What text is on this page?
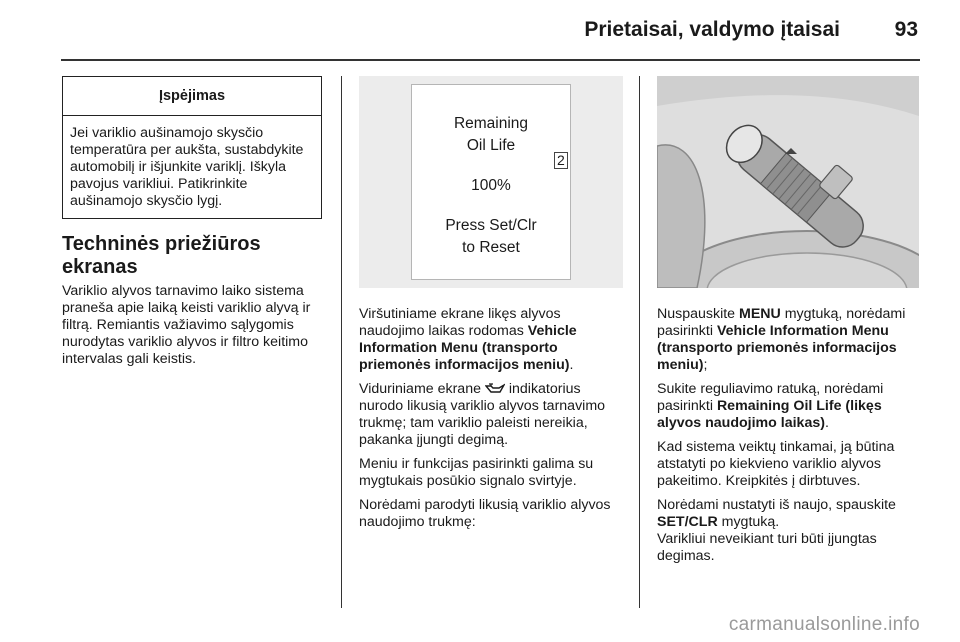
Prietaisai, valdymo įtaisai	93
Įspėjimas
Jei variklio aušinamojo skysčio temperatūra per aukšta, sustabdykite automobilį ir išjunkite variklį. Iškyla pavojus varikliui. Patikrinkite aušinamojo skysčio lygį.
Techninės priežiūros ekranas

Variklio alyvos tarnavimo laiko sistema praneša apie laiką keisti variklio alyvą ir filtrą. Remiantis važiavimo sąlygomis nurodytas variklio alyvos ir filtro keitimo intervalas gali keistis.

Remaining
Oil Life
100%
Press Set/Clr
to Reset
2

Viršutiniame ekrane likęs alyvos naudojimo laikas rodomas Vehicle Information Menu (transporto priemonės informacijos meniu).

Viduriniame ekrane  indikatorius nurodo likusią variklio alyvos tarnavimo trukmę; tam variklio paleisti nereikia, pakanka įjungti degimą.

Meniu ir funkcijas pasirinkti galima su mygtukais posūkio signalo svirtyje.

Norėdami parodyti likusią variklio alyvos naudojimo trukmę:

Nuspauskite MENU mygtuką, norėdami pasirinkti Vehicle Information Menu (transporto priemonės informacijos meniu);

Sukite reguliavimo ratuką, norėdami pasirinkti Remaining Oil Life (likęs alyvos naudojimo laikas).

Kad sistema veiktų tinkamai, ją būtina atstatyti po kiekvieno variklio alyvos pakeitimo. Kreipkitės į dirbtuves.

Norėdami nustatyti iš naujo, spauskite SET/CLR mygtuką.
Varikliui neveikiant turi būti įjungtas degimas.

carmanualsonline.info
